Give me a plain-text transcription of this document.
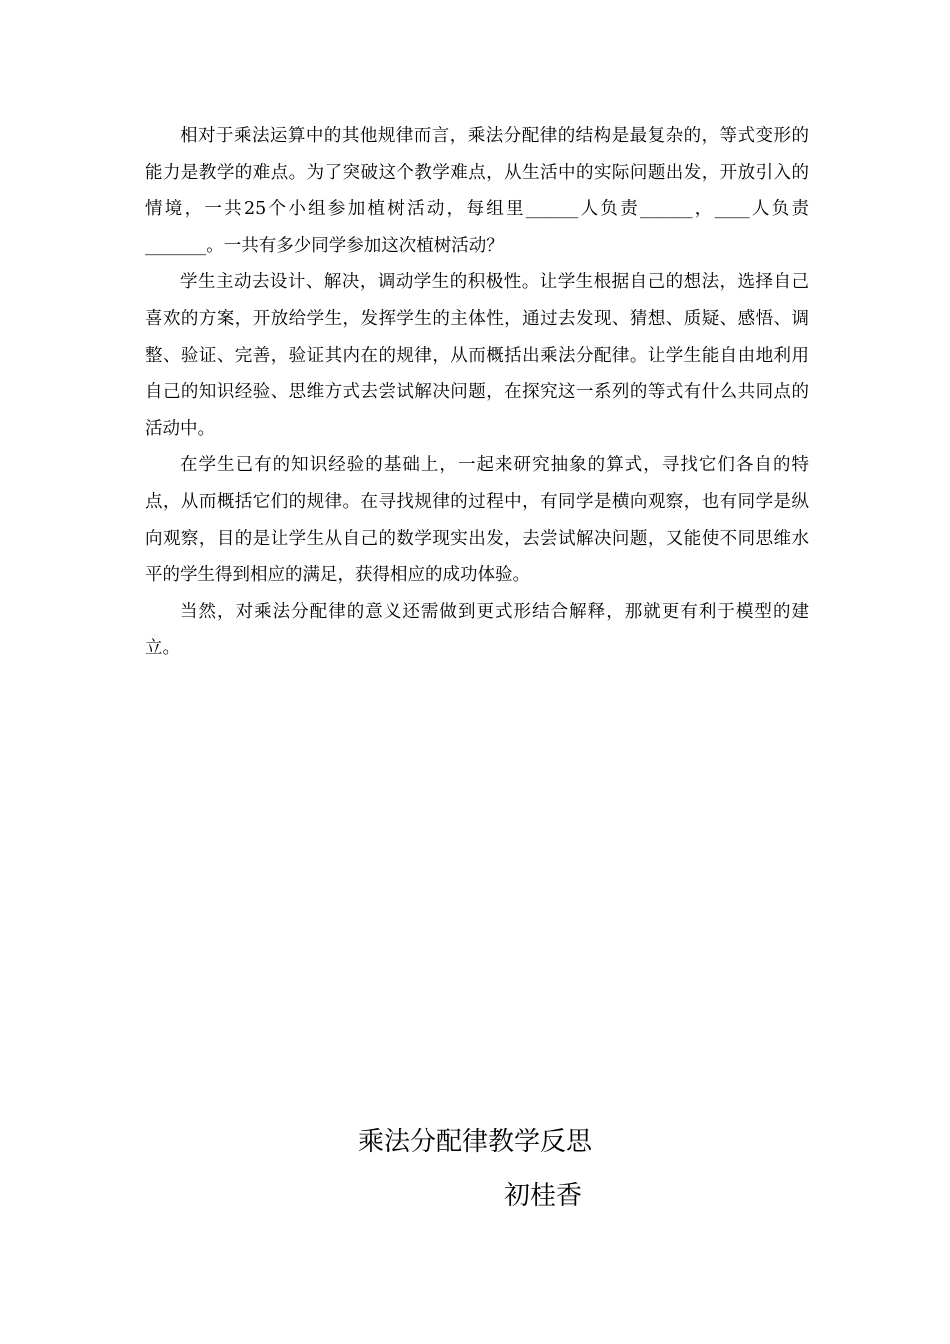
相对于乘法运算中的其他规律而言，乘法分配律的结构是最复杂的，等式变形的能力是教学的难点。为了突破这个教学难点，从生活中的实际问题出发，开放引入的情境，一共25个小组参加植树活动，每组里______人负责______，____人负责_______。一共有多少同学参加这次植树活动？

学生主动去设计、解决，调动学生的积极性。让学生根据自己的想法，选择自己喜欢的方案，开放给学生，发挥学生的主体性，通过去发现、猜想、质疑、感悟、调整、验证、完善，验证其内在的规律，从而概括出乘法分配律。让学生能自由地利用自己的知识经验、思维方式去尝试解决问题，在探究这一系列的等式有什么共同点的活动中。

在学生已有的知识经验的基础上，一起来研究抽象的算式，寻找它们各自的特点，从而概括它们的规律。在寻找规律的过程中，有同学是横向观察，也有同学是纵向观察，目的是让学生从自己的数学现实出发，去尝试解决问题，又能使不同思维水平的学生得到相应的满足，获得相应的成功体验。

当然，对乘法分配律的意义还需做到更式形结合解释，那就更有利于模型的建立。

乘法分配律教学反思
初桂香
